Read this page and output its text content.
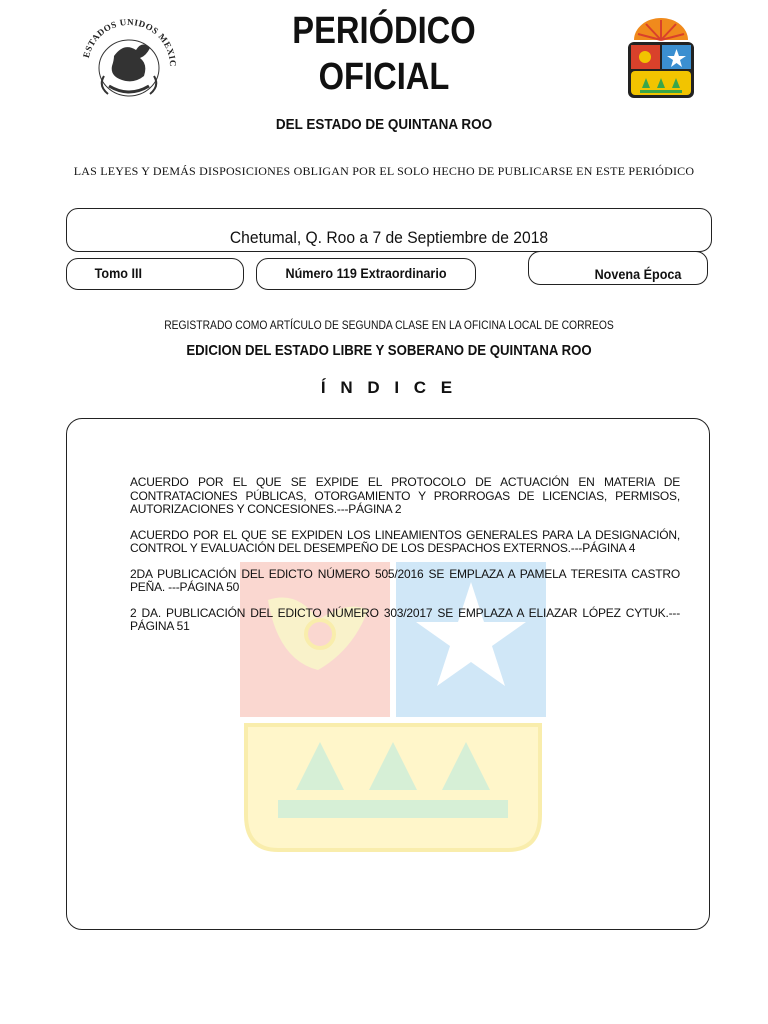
ESTADOS UNIDOS MEXIC
PERIÓDICO
OFICIAL
DEL ESTADO DE QUINTANA ROO
LAS LEYES Y DEMÁS DISPOSICIONES OBLIGAN POR EL SOLO HECHO DE PUBLICARSE EN ESTE PERIÓDICO
Chetumal, Q. Roo a 7 de Septiembre de 2018
Tomo III	Número 119 Extraordinario	Novena Época
REGISTRADO COMO ARTÍCULO DE SEGUNDA CLASE EN LA OFICINA LOCAL DE CORREOS
EDICION DEL ESTADO LIBRE Y SOBERANO DE QUINTANA ROO
Í N D I C E

ACUERDO POR EL QUE SE EXPIDE EL PROTOCOLO DE ACTUACIÓN EN MATERIA DE CONTRATACIONES PÚBLICAS, OTORGAMIENTO Y PRORROGAS DE LICENCIAS, PERMISOS, AUTORIZACIONES Y CONCESIONES.---PÁGINA 2

ACUERDO POR EL QUE SE EXPIDEN LOS LINEAMIENTOS GENERALES PARA LA DESIGNACIÓN, CONTROL Y EVALUACIÓN DEL DESEMPEÑO DE LOS DESPACHOS EXTERNOS.---PÁGINA 4

2DA PUBLICACIÓN DEL EDICTO NÚMERO 505/2016 SE EMPLAZA A PAMELA TERESITA CASTRO PEÑA. ---PÁGINA 50

2 DA. PUBLICACIÓN DEL EDICTO NÚMERO 303/2017 SE EMPLAZA A ELIAZAR LÓPEZ CYTUK.---PÁGINA 51
